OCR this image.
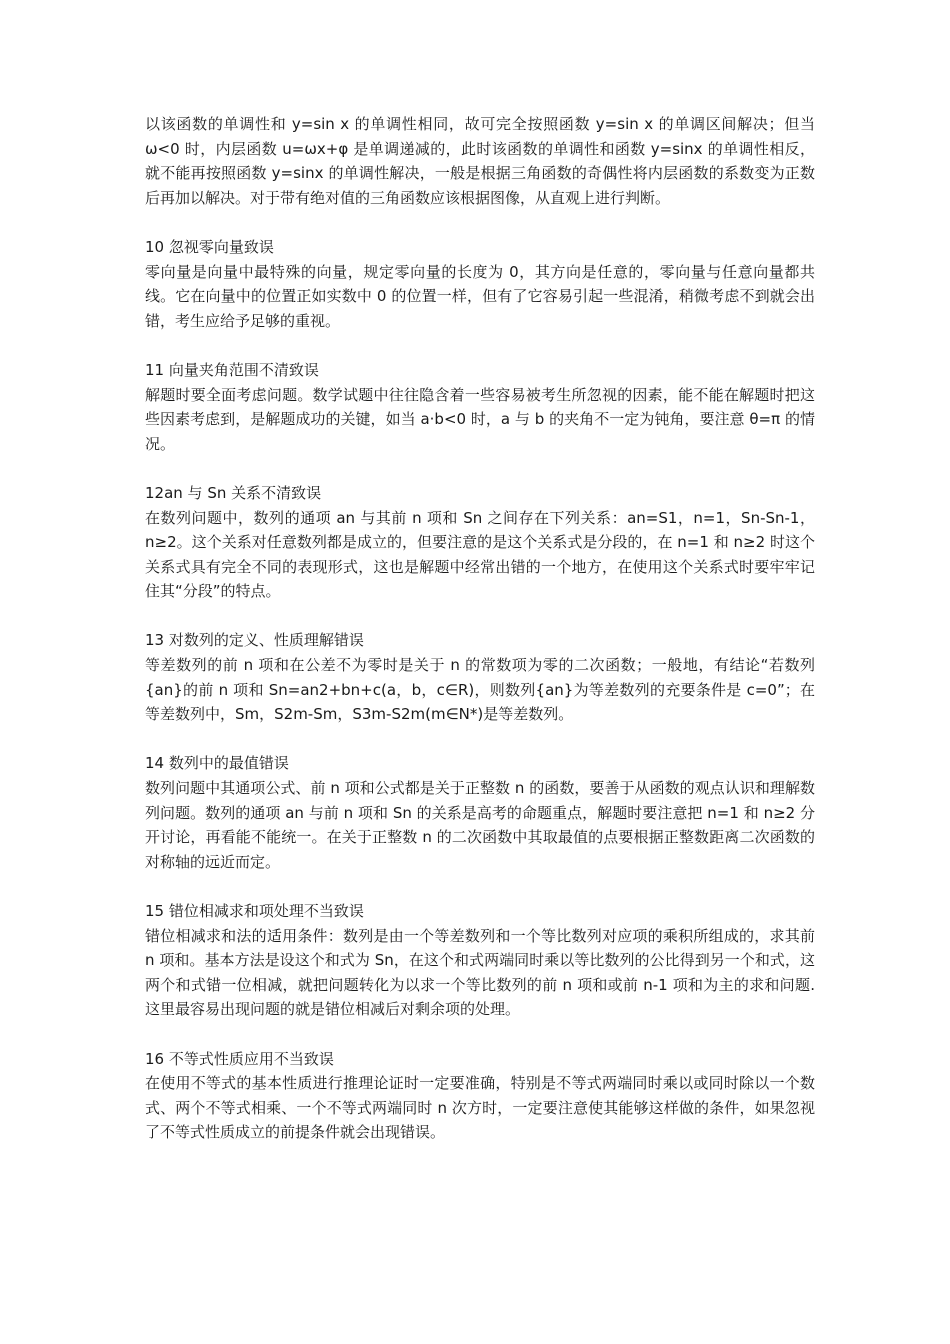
以该函数的单调性和 y=sin x 的单调性相同，故可完全按照函数 y=sin x 的单调区间解决；但当 ω<0 时，内层函数 u=ωx+φ 是单调递减的，此时该函数的单调性和函数 y=sinx 的单调性相反，就不能再按照函数 y=sinx 的单调性解决，一般是根据三角函数的奇偶性将内层函数的系数变为正数后再加以解决。对于带有绝对值的三角函数应该根据图像，从直观上进行判断。

10 忽视零向量致误

零向量是向量中最特殊的向量，规定零向量的长度为 0，其方向是任意的，零向量与任意向量都共线。它在向量中的位置正如实数中 0 的位置一样，但有了它容易引起一些混淆，稍微考虑不到就会出错，考生应给予足够的重视。

11 向量夹角范围不清致误

解题时要全面考虑问题。数学试题中往往隐含着一些容易被考生所忽视的因素，能不能在解题时把这些因素考虑到，是解题成功的关键，如当 a·b<0 时，a 与 b 的夹角不一定为钝角，要注意 θ=π 的情况。

12an 与 Sn 关系不清致误

在数列问题中，数列的通项 an 与其前 n 项和 Sn 之间存在下列关系：an=S1，n=1，Sn-Sn-1，n≥2。这个关系对任意数列都是成立的，但要注意的是这个关系式是分段的，在 n=1 和 n≥2 时这个关系式具有完全不同的表现形式，这也是解题中经常出错的一个地方，在使用这个关系式时要牢牢记住其“分段”的特点。

13 对数列的定义、性质理解错误

等差数列的前 n 项和在公差不为零时是关于 n 的常数项为零的二次函数；一般地，有结论“若数列{an}的前 n 项和 Sn=an2+bn+c(a，b，c∈R)，则数列{an}为等差数列的充要条件是 c=0”；在等差数列中，Sm，S2m-Sm，S3m-S2m(m∈N*)是等差数列。

14 数列中的最值错误

数列问题中其通项公式、前 n 项和公式都是关于正整数 n 的函数，要善于从函数的观点认识和理解数列问题。数列的通项 an 与前 n 项和 Sn 的关系是高考的命题重点，解题时要注意把 n=1 和 n≥2 分开讨论，再看能不能统一。在关于正整数 n 的二次函数中其取最值的点要根据正整数距离二次函数的对称轴的远近而定。

15 错位相减求和项处理不当致误

错位相减求和法的适用条件：数列是由一个等差数列和一个等比数列对应项的乘积所组成的，求其前 n 项和。基本方法是设这个和式为 Sn，在这个和式两端同时乘以等比数列的公比得到另一个和式，这两个和式错一位相减，就把问题转化为以求一个等比数列的前 n 项和或前 n-1 项和为主的求和问题.这里最容易出现问题的就是错位相减后对剩余项的处理。

16 不等式性质应用不当致误

在使用不等式的基本性质进行推理论证时一定要准确，特别是不等式两端同时乘以或同时除以一个数式、两个不等式相乘、一个不等式两端同时 n 次方时，一定要注意使其能够这样做的条件，如果忽视了不等式性质成立的前提条件就会出现错误。
